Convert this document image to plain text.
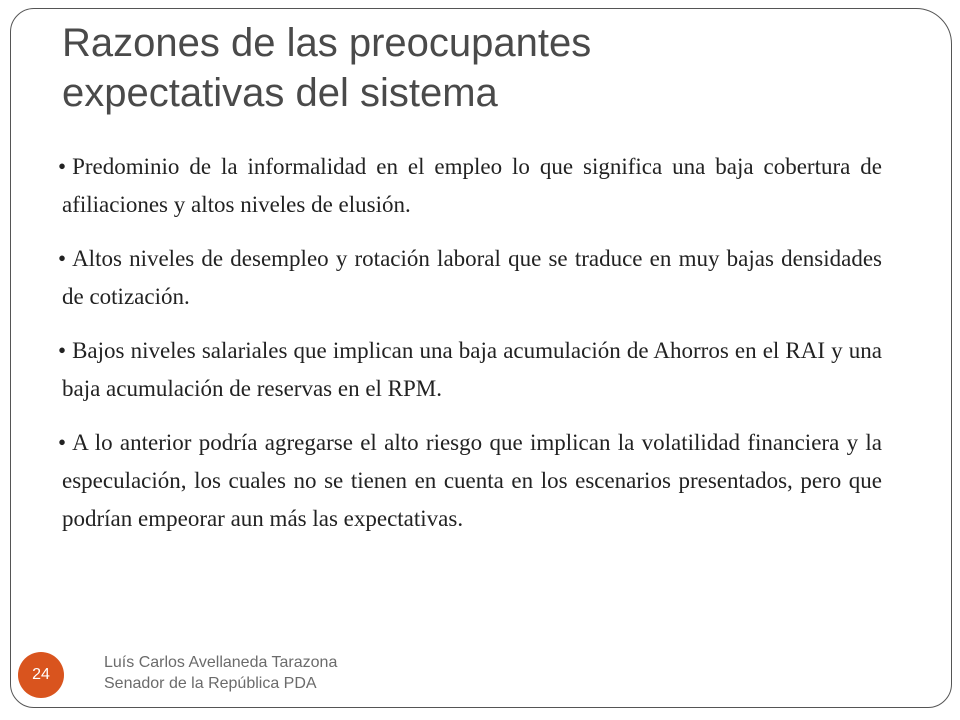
Razones de las preocupantes
expectativas del sistema

• Predominio de la informalidad en el empleo lo que significa una baja cobertura de afiliaciones y altos niveles de elusión.

• Altos niveles de desempleo y rotación laboral que se traduce en muy bajas densidades de cotización.

• Bajos niveles salariales que implican una baja acumulación de Ahorros en el RAI y una baja acumulación de reservas en el RPM.

• A lo anterior podría agregarse el alto riesgo que implican la volatilidad financiera y la especulación, los cuales no se tienen en cuenta en los escenarios presentados, pero que podrían empeorar aun más las expectativas.

24
Luís Carlos Avellaneda Tarazona
Senador de la República PDA
